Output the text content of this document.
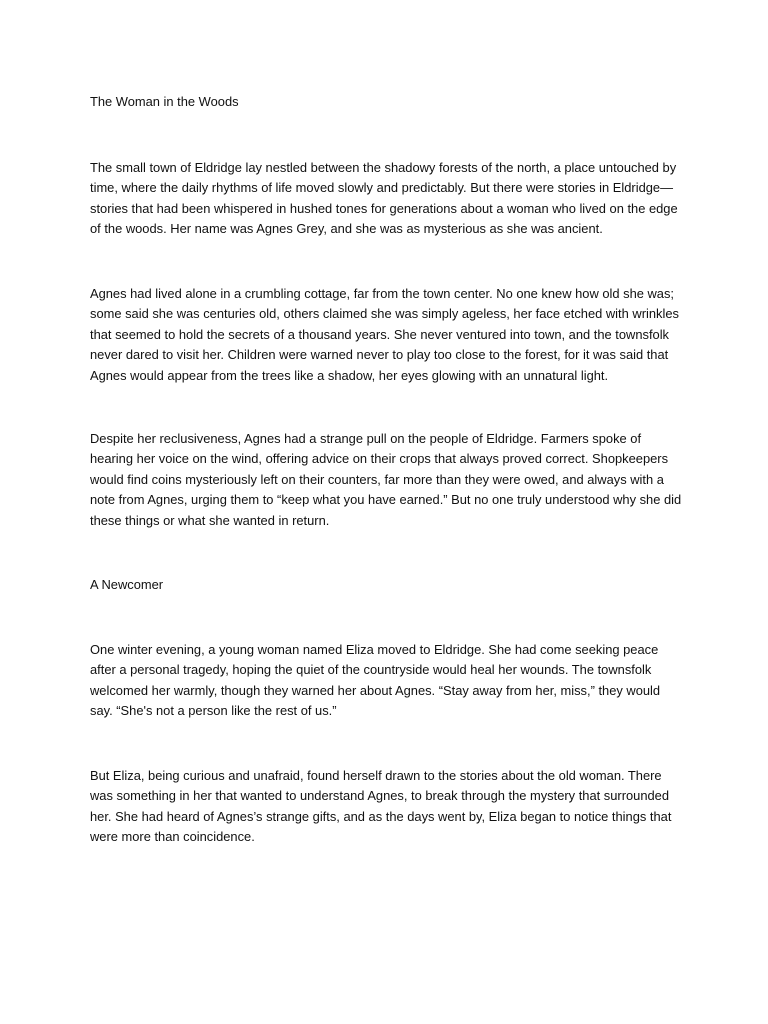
The Woman in the Woods

The small town of Eldridge lay nestled between the shadowy forests of the north, a place untouched by time, where the daily rhythms of life moved slowly and predictably. But there were stories in Eldridge—stories that had been whispered in hushed tones for generations about a woman who lived on the edge of the woods. Her name was Agnes Grey, and she was as mysterious as she was ancient.

Agnes had lived alone in a crumbling cottage, far from the town center. No one knew how old she was; some said she was centuries old, others claimed she was simply ageless, her face etched with wrinkles that seemed to hold the secrets of a thousand years. She never ventured into town, and the townsfolk never dared to visit her. Children were warned never to play too close to the forest, for it was said that Agnes would appear from the trees like a shadow, her eyes glowing with an unnatural light.

Despite her reclusiveness, Agnes had a strange pull on the people of Eldridge. Farmers spoke of hearing her voice on the wind, offering advice on their crops that always proved correct. Shopkeepers would find coins mysteriously left on their counters, far more than they were owed, and always with a note from Agnes, urging them to “keep what you have earned.” But no one truly understood why she did these things or what she wanted in return.

A Newcomer

One winter evening, a young woman named Eliza moved to Eldridge. She had come seeking peace after a personal tragedy, hoping the quiet of the countryside would heal her wounds. The townsfolk welcomed her warmly, though they warned her about Agnes. “Stay away from her, miss,” they would say. “She's not a person like the rest of us.”

But Eliza, being curious and unafraid, found herself drawn to the stories about the old woman. There was something in her that wanted to understand Agnes, to break through the mystery that surrounded her. She had heard of Agnes’s strange gifts, and as the days went by, Eliza began to notice things that were more than coincidence.
